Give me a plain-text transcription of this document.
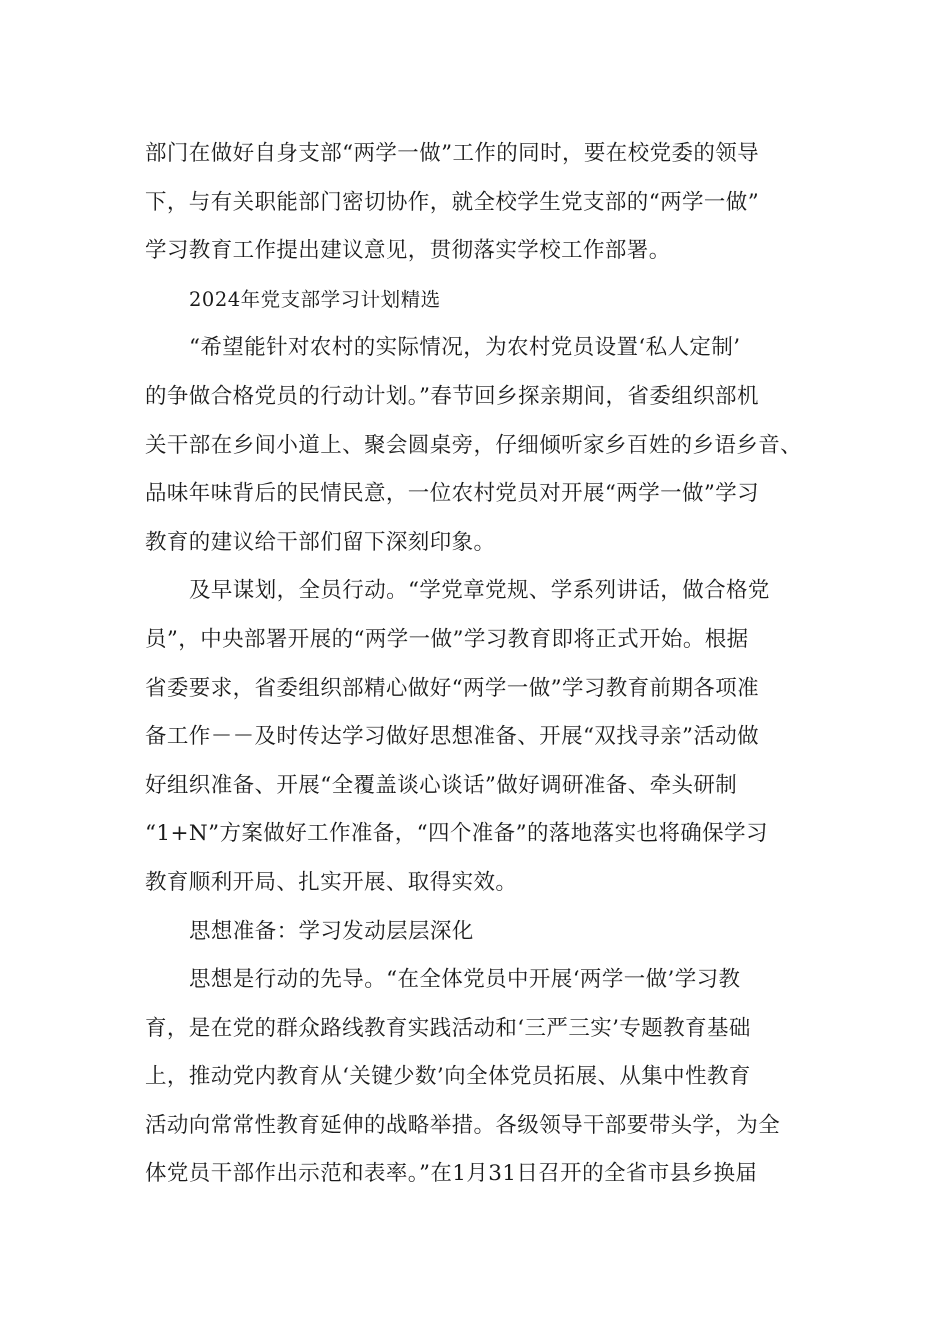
部门在做好自身支部“两学一做”工作的同时，要在校党委的领导
下，与有关职能部门密切协作，就全校学生党支部的“两学一做”
学习教育工作提出建议意见，贯彻落实学校工作部署。
2024年党支部学习计划精选
“希望能针对农村的实际情况，为农村党员设置‘私人定制’
的争做合格党员的行动计划。”春节回乡探亲期间，省委组织部机
关干部在乡间小道上、聚会圆桌旁，仔细倾听家乡百姓的乡语乡音、
品味年味背后的民情民意，一位农村党员对开展“两学一做”学习
教育的建议给干部们留下深刻印象。
及早谋划，全员行动。“学党章党规、学系列讲话，做合格党
员”，中央部署开展的“两学一做”学习教育即将正式开始。根据
省委要求，省委组织部精心做好“两学一做”学习教育前期各项准
备工作－－及时传达学习做好思想准备、开展“双找寻亲”活动做
好组织准备、开展“全覆盖谈心谈话”做好调研准备、牵头研制
“1+N”方案做好工作准备，“四个准备”的落地落实也将确保学习
教育顺利开局、扎实开展、取得实效。
思想准备：学习发动层层深化
思想是行动的先导。“在全体党员中开展‘两学一做’学习教
育，是在党的群众路线教育实践活动和‘三严三实’专题教育基础
上，推动党内教育从‘关键少数’向全体党员拓展、从集中性教育
活动向常常性教育延伸的战略举措。各级领导干部要带头学，为全
体党员干部作出示范和表率。”在1月31日召开的全省市县乡换届
